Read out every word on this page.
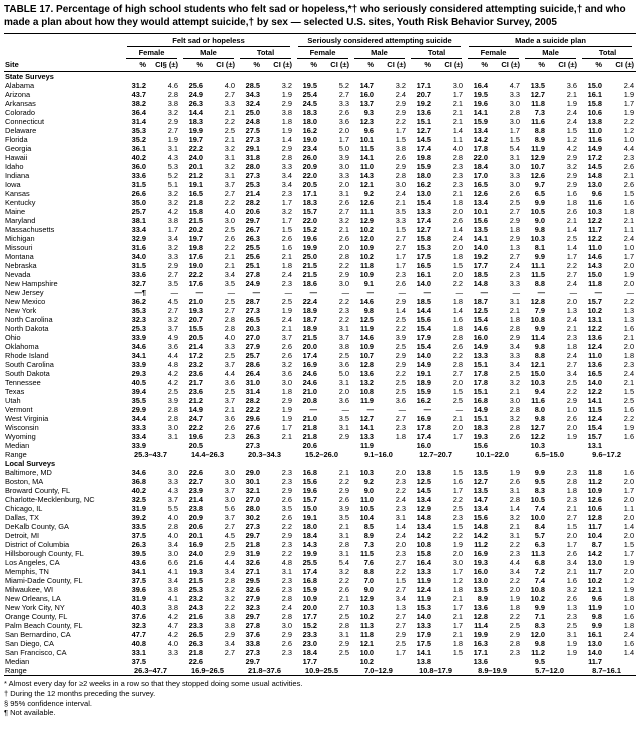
TABLE 17. Percentage of high school students who felt sad or hopeless,*† who seriously considered attempting suicide,† and who made a plan about how they would attempt suicide,† by sex — selected U.S. sites, Youth Risk Behavior Survey, 2005

	Felt sad or hopeless						Seriously considered attempting suicide						Made a suicide plan					

	Female		Male		Total		Female		Male		Total		Female		Male		Total	

Site	%	CI§ (±)	%	CI (±)	%	CI (±)	%	CI (±)	%	CI (±)	%	CI (±)	%	CI (±)	%	CI (±)	%	CI (±)
State Surveys																		
Alabama	31.2	4.6	25.6	4.0	28.5	3.2	19.5	5.2	14.7	3.2	17.1	3.0	16.4	4.7	13.5	3.6	15.0	2.4
Arizona	43.7	2.8	24.9	2.7	34.3	1.9	25.4	2.7	16.0	2.4	20.7	1.7	19.5	3.3	12.7	2.1	16.1	1.9
Arkansas	38.2	3.8	26.3	3.3	32.4	2.9	24.5	3.3	13.7	2.9	19.2	2.1	19.6	3.0	11.8	1.9	15.8	1.7
Colorado	36.4	3.2	14.4	2.1	25.0	3.8	18.3	2.6	9.3	2.9	13.6	2.1	14.1	2.8	7.3	2.4	10.6	1.9
Connecticut	31.4	2.9	18.3	2.2	24.8	1.8	18.0	3.6	12.3	2.2	15.1	2.1	15.9	3.0	11.6	2.4	13.8	2.2
Delaware	35.3	2.7	19.9	2.5	27.5	1.9	16.2	2.0	9.6	1.7	12.7	1.4	13.4	1.7	8.8	1.5	11.0	1.2
Florida	35.2	1.9	19.7	2.1	27.3	1.4	19.0	1.7	10.1	1.5	14.5	1.1	14.2	1.5	8.9	1.2	11.6	1.0
Georgia	36.1	3.1	22.2	3.2	29.1	2.9	23.4	5.0	11.5	3.8	17.4	4.0	17.8	5.4	11.9	4.2	14.9	4.4
Hawaii	40.2	4.3	24.0	3.1	31.8	2.8	26.0	3.9	14.1	2.6	19.8	2.8	22.0	3.1	12.9	2.9	17.2	2.3
Idaho	36.0	5.3	20.1	3.2	28.0	3.3	20.9	3.0	11.0	2.9	15.9	2.3	18.4	3.0	10.7	3.2	14.5	2.6
Indiana	33.6	5.2	21.2	3.1	27.3	3.4	22.0	3.3	14.3	2.8	18.0	2.3	17.0	3.3	12.6	2.9	14.8	2.1
Iowa	31.5	5.1	19.1	3.7	25.3	3.4	20.5	2.0	12.1	3.0	16.2	2.3	16.5	3.0	9.7	2.9	13.0	2.6
Kansas	26.6	3.2	16.5	2.7	21.4	2.3	17.1	3.1	9.2	2.4	13.0	2.1	12.6	2.6	6.5	1.6	9.6	1.5
Kentucky	35.0	3.2	21.8	2.2	28.2	1.7	18.3	2.6	12.6	2.1	15.4	1.8	13.4	2.5	9.9	1.8	11.6	1.6
Maine	25.7	4.2	15.8	4.0	20.6	3.2	15.7	2.7	11.1	3.5	13.3	2.0	10.1	2.7	10.5	2.6	10.3	1.8
Maryland	38.1	3.8	21.5	3.0	29.7	1.7	22.0	3.2	12.9	3.3	17.4	2.6	15.6	2.9	9.0	2.1	12.2	2.1
Massachusetts	33.4	1.7	20.2	2.5	26.7	1.5	15.2	2.1	10.2	1.5	12.7	1.4	13.5	1.8	9.8	1.4	11.7	1.1
Michigan	32.9	3.4	19.7	2.6	26.3	2.6	19.6	2.6	12.0	2.7	15.8	2.4	14.1	2.9	10.3	2.5	12.2	2.4
Missouri	31.6	3.2	19.8	2.2	25.5	1.6	19.9	2.0	10.9	2.7	15.3	2.0	14.0	1.3	8.1	1.4	11.0	1.0
Montana	34.0	3.3	17.6	2.1	25.6	2.1	25.0	2.8	10.2	1.7	17.5	1.8	19.2	2.7	9.9	1.7	14.6	1.7
Nebraska	31.5	2.9	19.0	2.1	25.1	1.8	21.5	2.2	11.8	1.7	16.5	1.5	17.7	2.4	11.1	2.2	14.3	2.0
Nevada	33.6	2.7	22.2	3.4	27.8	2.4	21.5	2.9	10.9	2.3	16.1	2.0	18.5	2.3	11.5	2.7	15.0	1.9
New Hampshire	32.7	3.5	17.6	3.5	24.9	2.3	18.6	3.0	9.1	2.6	14.0	2.2	14.8	3.3	8.8	2.4	11.8	2.0
New Jersey	—¶	—	—	—	—	—	—	—	—	—	—	—	—	—	—	—	—	—
New Mexico	36.2	4.5	21.0	2.5	28.7	2.5	22.4	2.2	14.6	2.9	18.5	1.8	18.7	3.1	12.8	2.0	15.7	2.2
New York	35.3	2.7	19.3	2.7	27.3	1.9	18.9	2.3	9.8	1.4	14.4	1.4	12.5	2.1	7.9	1.3	10.2	1.3
North Carolina	32.3	3.2	20.7	2.8	26.5	2.4	18.7	2.2	12.5	2.5	15.6	1.6	15.4	1.8	10.8	2.4	13.1	1.3
North Dakota	25.3	3.7	15.5	2.8	20.3	2.1	18.9	3.1	11.9	2.2	15.4	1.8	14.6	2.8	9.9	2.1	12.2	1.6
Ohio	33.9	4.9	20.5	4.0	27.0	3.7	21.5	3.7	14.6	3.9	17.9	2.8	16.0	2.9	11.4	2.3	13.6	2.1
Oklahoma	34.6	3.6	21.4	3.3	27.9	2.6	20.0	3.8	10.9	2.5	15.4	2.6	14.9	3.4	9.8	1.8	12.4	2.0
Rhode Island	34.1	4.4	17.2	2.5	25.7	2.6	17.4	2.5	10.7	2.9	14.0	2.2	13.3	3.3	8.8	2.4	11.0	1.8
South Carolina	33.9	4.8	23.2	3.7	28.6	3.2	16.9	3.6	12.8	2.9	14.9	2.8	15.1	3.4	12.1	2.7	13.6	2.3
South Dakota	29.3	4.2	23.6	4.4	26.4	3.6	24.6	5.0	13.6	2.2	19.1	2.7	17.8	2.5	15.0	3.4	16.5	2.4
Tennessee	40.5	4.2	21.7	3.6	31.0	3.0	24.6	3.1	13.2	2.5	18.9	2.0	17.8	3.2	10.3	2.5	14.0	2.1
Texas	39.4	2.5	23.6	2.5	31.4	1.8	21.0	2.0	10.8	2.5	15.9	1.5	15.1	2.1	9.4	2.2	12.2	1.5
Utah	35.5	3.9	21.2	3.7	28.2	2.9	20.8	3.6	11.9	3.6	16.2	2.5	16.8	3.0	11.6	2.9	14.1	2.5
Vermont	29.9	2.8	14.9	2.1	22.2	1.9	—	—	—	—	—	—	14.9	2.8	8.0	1.0	11.5	1.6
West Virginia	34.4	2.8	24.7	3.6	29.6	1.9	21.0	3.5	12.7	2.7	16.9	2.1	15.1	3.2	9.8	2.6	12.4	2.2
Wisconsin	33.3	3.0	22.2	2.6	27.6	1.7	21.8	3.1	14.1	2.3	17.8	2.0	18.3	2.8	12.7	2.0	15.4	1.9
Wyoming	33.4	3.1	19.6	2.3	26.3	2.1	21.8	2.9	13.3	1.8	17.4	1.7	19.3	2.6	12.2	1.9	15.7	1.6
Median	33.9		20.5		27.3		20.6		11.9		16.0		15.6		10.3		13.1	
Range	25.3–43.7		14.4–26.3		20.3–34.3		15.2–26.0		9.1–16.0		12.7–20.7		10.1–22.0		6.5–15.0		9.6–17.2	
Local Surveys																		
Baltimore, MD	34.6	3.0	22.6	3.0	29.0	2.3	16.8	2.1	10.3	2.0	13.8	1.5	13.5	1.9	9.9	2.3	11.8	1.6
Boston, MA	36.8	3.3	22.7	3.0	30.1	2.3	15.6	2.2	9.2	2.3	12.5	1.6	12.7	2.6	9.5	2.8	11.2	2.0
Broward County, FL	40.2	4.3	23.9	3.7	32.1	2.9	19.6	2.9	9.0	2.2	14.5	1.7	13.5	3.1	8.3	1.8	10.9	1.7
Charlotte-Mecklenburg, NC	32.5	3.7	21.4	3.0	27.0	2.6	15.7	2.6	11.0	2.4	13.4	2.2	14.7	2.8	10.5	2.3	12.6	2.0
Chicago, IL	31.9	5.5	23.8	5.6	28.0	3.5	15.0	3.9	10.5	2.3	12.9	2.5	13.4	1.4	7.4	2.1	10.6	1.1
Dallas, TX	39.2	4.0	20.9	3.7	30.2	2.6	19.1	3.5	10.4	3.1	14.8	2.3	15.6	3.2	10.0	2.7	12.8	2.0
DeKalb County, GA	33.5	2.8	20.6	2.7	27.3	2.2	18.0	2.1	8.5	1.4	13.4	1.5	14.8	2.1	8.4	1.5	11.7	1.4
Detroit, MI	37.5	4.0	20.1	4.5	29.7	2.9	18.4	3.1	8.9	2.4	14.2	2.2	14.2	3.1	5.7	2.0	10.4	2.0
District of Columbia	26.3	3.4	16.9	2.5	21.8	2.3	14.3	2.8	7.3	2.0	10.8	1.9	11.2	2.2	6.3	1.7	8.7	1.5
Hillsborough County, FL	39.5	3.0	24.0	2.9	31.9	2.2	19.9	3.1	11.5	2.3	15.8	2.0	16.9	2.3	11.3	2.6	14.2	1.7
Los Angeles, CA	43.6	6.6	21.6	4.4	32.6	4.8	25.5	5.4	7.6	2.7	16.4	3.0	19.3	4.4	6.8	3.4	13.0	1.9
Memphis, TN	34.1	4.1	19.3	3.4	27.1	3.1	17.4	3.2	8.8	2.2	13.3	1.7	16.0	3.4	7.2	2.1	11.7	2.0
Miami-Dade County, FL	37.5	3.4	21.5	2.8	29.5	2.3	16.8	2.2	7.0	1.5	11.9	1.2	13.0	2.2	7.4	1.6	10.2	1.2
Milwaukee, WI	39.6	3.8	25.3	3.2	32.6	2.3	15.9	2.6	9.0	2.7	12.4	1.8	13.5	2.0	10.8	3.2	12.1	1.9
New Orleans, LA	31.9	4.1	23.2	3.2	27.9	2.8	10.9	2.1	12.9	3.4	11.9	2.1	8.9	1.9	10.2	2.6	9.6	1.8
New York City, NY	40.3	3.8	24.3	2.2	32.3	2.4	20.0	2.7	10.3	1.3	15.3	1.7	13.6	1.8	9.9	1.3	11.9	1.0
Orange County, FL	37.6	4.2	21.6	3.8	29.7	2.8	17.7	2.5	10.2	2.7	14.0	2.1	12.8	2.2	7.1	2.3	9.8	1.6
Palm Beach County, FL	32.3	4.7	23.3	3.8	27.8	3.0	15.2	2.8	11.3	2.7	13.3	1.7	11.4	2.5	8.3	2.5	9.9	1.8
San Bernardino, CA	47.7	4.2	26.5	2.9	37.6	2.9	23.3	3.1	11.8	2.9	17.9	2.1	19.9	2.9	12.0	3.1	16.1	2.4
San Diego, CA	40.8	4.0	26.3	3.4	33.8	2.6	23.0	2.9	12.1	2.5	17.5	1.8	16.3	2.8	9.8	1.9	13.0	1.6
San Francisco, CA	33.1	3.3	21.8	2.7	27.3	2.3	18.4	2.5	10.0	1.7	14.1	1.5	17.1	2.3	11.2	1.9	14.0	1.4
Median	37.5		22.6		29.7		17.7		10.2		13.8		13.6		9.5		11.7	
Range	26.3–47.7		16.9–26.5		21.8–37.6		10.9–25.5		7.0–12.9		10.8–17.9		8.9–19.9		5.7–12.0		8.7–16.1	
* Almost every day for ≥2 weeks in a row so that they stopped doing some usual activities.
† During the 12 months preceding the survey.
§ 95% confidence interval.
¶ Not available.
